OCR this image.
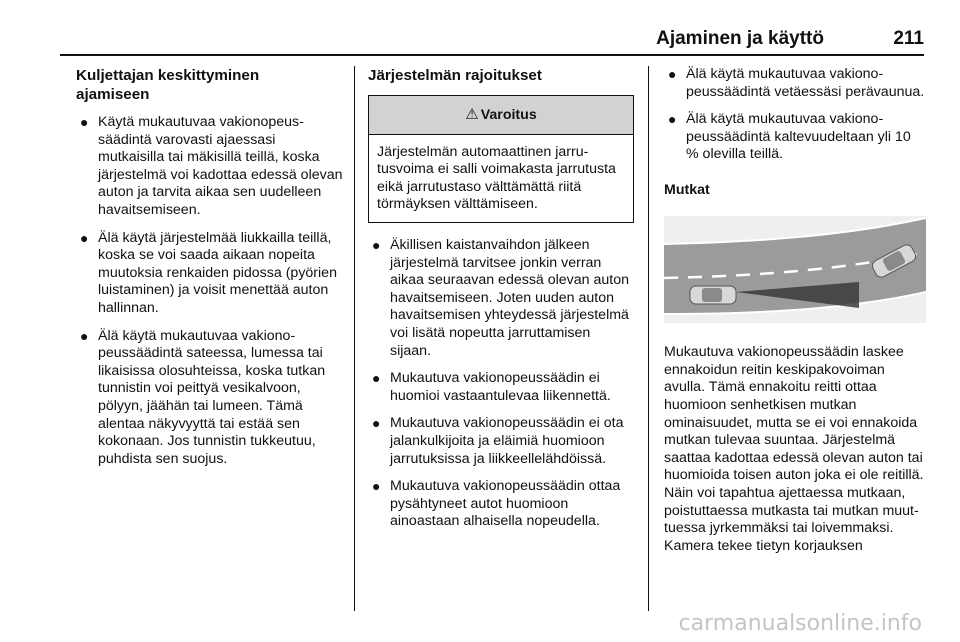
Ajaminen ja käyttö	211
Kuljettajan keskittyminen
ajamiseen
● Käytä mukautuvaa vakionopeussäädintä varovasti ajaessasi mutkaisilla tai mäkisillä teillä, koska järjestelmä voi kadottaa edessä olevan auton ja tarvita aikaa sen uudelleen havaitsemiseen.
● Älä käytä järjestelmää liukkailla teillä, koska se voi saada aikaan nopeita muutoksia renkaiden pidossa (pyörien luistaminen) ja voisit menettää auton hallinnan.
● Älä käytä mukautuvaa vakionopeussäädintä sateessa, lumessa tai likaisissa olosuhteissa, koska tutkan tunnistin voi peittyä vesikalvoon, pölyyn, jäähän tai lumeen. Tämä alentaa näkyvyyttä tai estää sen kokonaan. Jos tunnistin tukkeutuu, puhdista sen suojus.
Järjestelmän rajoitukset
⚠ Varoitus
Järjestelmän automaattinen jarrutusvoima ei salli voimakasta jarrutusta eikä jarrutustaso välttämättä riitä törmäyksen välttämiseen.
● Äkillisen kaistanvaihdon jälkeen järjestelmä tarvitsee jonkin verran aikaa seuraavan edessä olevan auton havaitsemiseen. Joten uuden auton havaitsemisen yhteydessä järjestelmä voi lisätä nopeutta jarruttamisen sijaan.
● Mukautuva vakionopeussäädin ei huomioi vastaantulevaa liikennettä.
● Mukautuva vakionopeussäädin ei ota jalankulkijoita ja eläimiä huomioon jarrutuksissa ja liikkeellelähdöissä.
● Mukautuva vakionopeussäädin ottaa pysähtyneet autot huomioon ainoastaan alhaisella nopeudella.
● Älä käytä mukautuvaa vakionopeussäädintä vetäessäsi perävaunua.
● Älä käytä mukautuvaa vakionopeussäädintä kaltevuudeltaan yli 10 % olevilla teillä.
Mutkat

Mukautuva vakionopeussäädin laskee ennakoidun reitin keskipakovoiman avulla. Tämä ennakoitu reitti ottaa huomioon senhetkisen mutkan ominaisuudet, mutta se ei voi ennakoida mutkan tulevaa suuntaa. Järjestelmä saattaa kadottaa edessä olevan auton tai huomioida toisen auton joka ei ole reitillä. Näin voi tapahtua ajettaessa mutkaan, poistuttaessa mutkasta tai mutkan muuttuessa jyrkemmäksi tai loivemmaksi. Kamera tekee tietyn korjauksen

carmanualsonline.info
